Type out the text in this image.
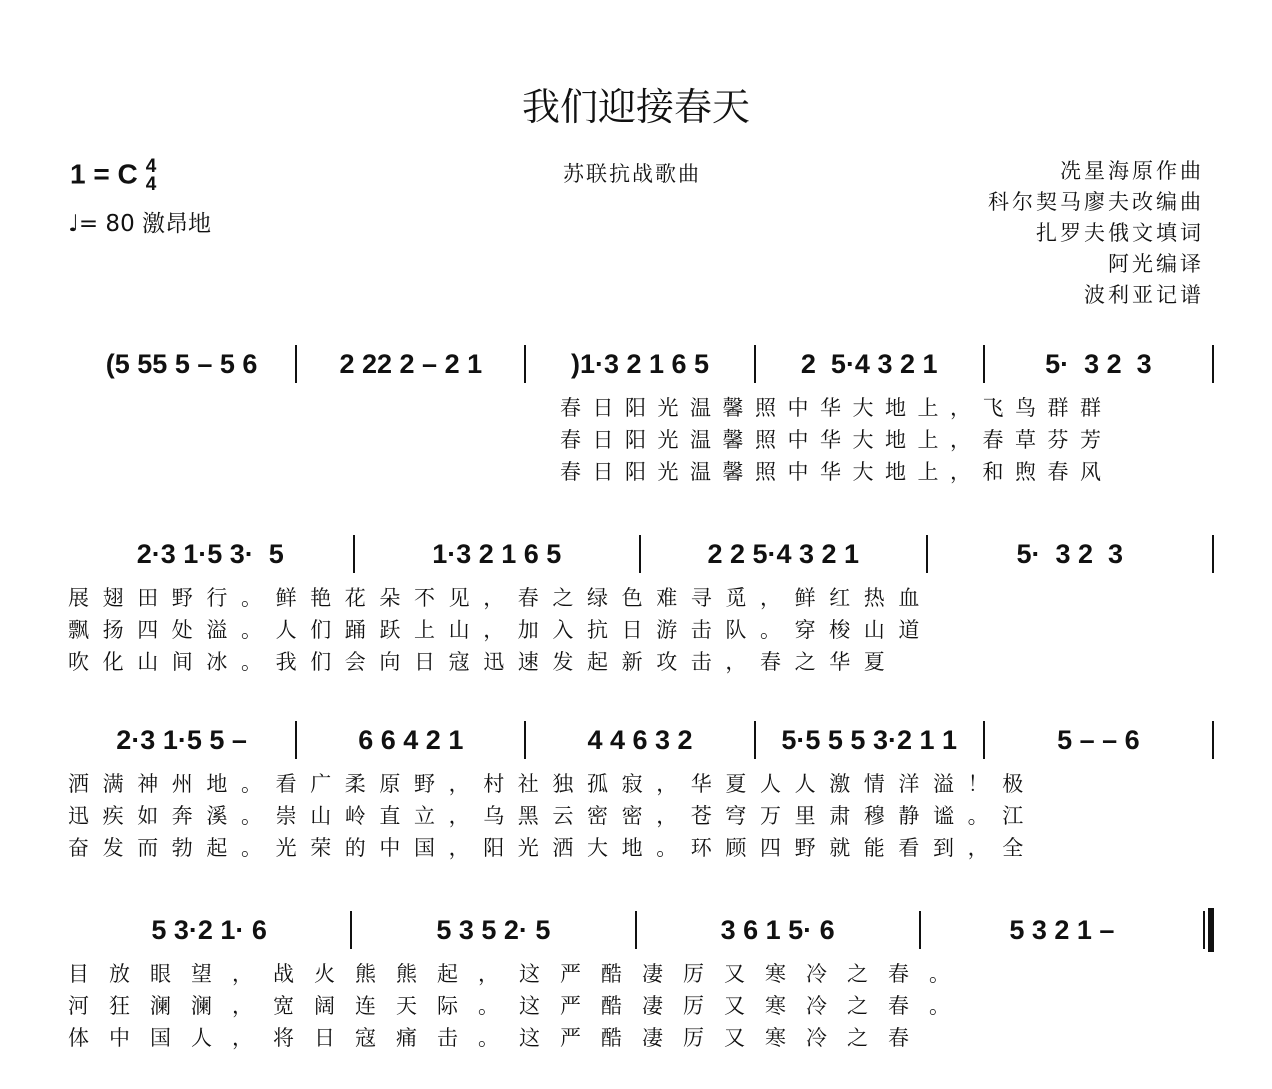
我们迎接春天
1 = C 4
4
♩= 80 激昂地
苏联抗战歌曲	冼星海原作曲
科尔契马廖夫改编曲
扎罗夫俄文填词
阿光编译
波利亚记谱
(5 55 5 – 5 6	2 22 2 – 2 1	)1·3 2 1 6 5	2  5·4 3 2 1	5·  3 2  3
春日阳光温馨照中华大地上，飞鸟群群
春日阳光温馨照中华大地上，春草芬芳
春日阳光温馨照中华大地上，和煦春风
2·3 1·5 3·  5	1·3 2 1 6 5	2 2 5·4 3 2 1	5·  3 2  3
展翅田野行。鲜艳花朵不见，春之绿色难寻觅，鲜红热血
飘扬四处溢。人们踊跃上山，加入抗日游击队。穿梭山道
吹化山间冰。我们会向日寇迅速发起新攻击，春之华夏
2·3 1·5 5 –	6 6 4 2 1	4 4 6 3 2	5·5 5 5 3·2 1 1	5 – – 6
洒满神州地。看广柔原野，村社独孤寂，华夏人人激情洋溢！极
迅疾如奔溪。崇山岭直立，乌黑云密密，苍穹万里肃穆静谧。江
奋发而勃起。光荣的中国，阳光洒大地。环顾四野就能看到，全
5 3·2 1· 6	5 3 5 2· 5	3 6 1 5· 6	5 3 2 1 –
目放眼望，战火熊熊起，这严酷凄厉又寒冷之春。
河狂澜澜，宽阔连天际。这严酷凄厉又寒冷之春。
体中国人，将日寇痛击。这严酷凄厉又寒冷之春
